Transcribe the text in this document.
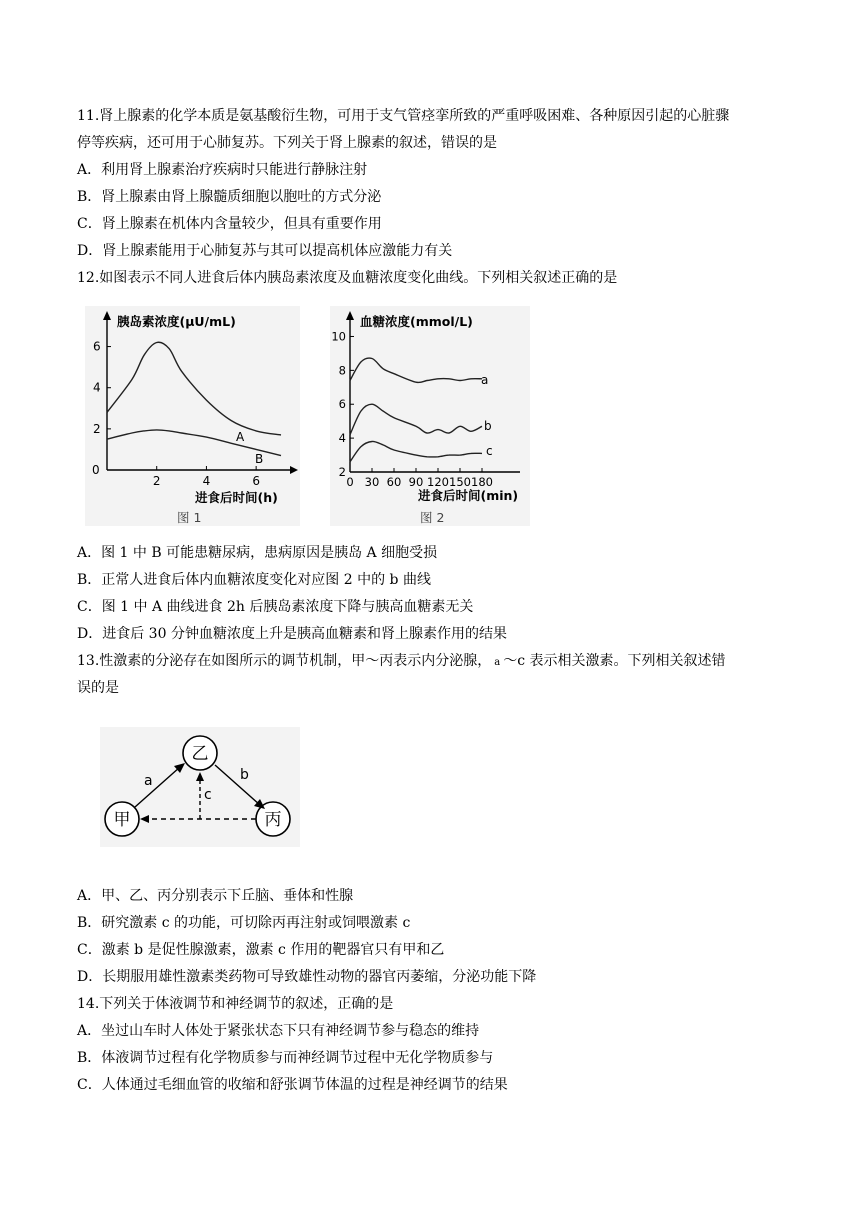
11.肾上腺素的化学本质是氨基酸衍生物，可用于支气管痉挛所致的严重呼吸困难、各种原因引起的心脏骤
停等疾病，还可用于心肺复苏。下列关于肾上腺素的叙述，错误的是
A．利用肾上腺素治疗疾病时只能进行静脉注射
B．肾上腺素由肾上腺髓质细胞以胞吐的方式分泌
C．肾上腺素在机体内含量较少，但具有重要作用
D．肾上腺素能用于心肺复苏与其可以提高机体应激能力有关
12.如图表示不同人进食后体内胰岛素浓度及血糖浓度变化曲线。下列相关叙述正确的是
胰岛素浓度(μU/mL)
0
2
4
6
2	4	6
A
B
进食后时间(h)
图 1
血糖浓度(mmol/L)
2
4
6
8
10
0 30 60 90 120 150 180
a
b
c
进食后时间(min)
图 2
A．图 1 中 B 可能患糖尿病，患病原因是胰岛 A 细胞受损
B．正常人进食后体内血糖浓度变化对应图 2 中的 b 曲线
C．图 1 中 A 曲线进食 2h 后胰岛素浓度下降与胰高血糖素无关
D．进食后 30 分钟血糖浓度上升是胰高血糖素和肾上腺素作用的结果
13.性激素的分泌存在如图所示的调节机制，甲～丙表示内分泌腺， a ～c 表示相关激素。下列相关叙述错
误的是
乙
甲	丙
a	b
c
A．甲、乙、丙分别表示下丘脑、垂体和性腺
B．研究激素 c 的功能，可切除丙再注射或饲喂激素 c
C．激素 b 是促性腺激素，激素 c 作用的靶器官只有甲和乙
D．长期服用雄性激素类药物可导致雄性动物的器官丙萎缩，分泌功能下降
14.下列关于体液调节和神经调节的叙述，正确的是
A．坐过山车时人体处于紧张状态下只有神经调节参与稳态的维持
B．体液调节过程有化学物质参与而神经调节过程中无化学物质参与
C．人体通过毛细血管的收缩和舒张调节体温的过程是神经调节的结果
